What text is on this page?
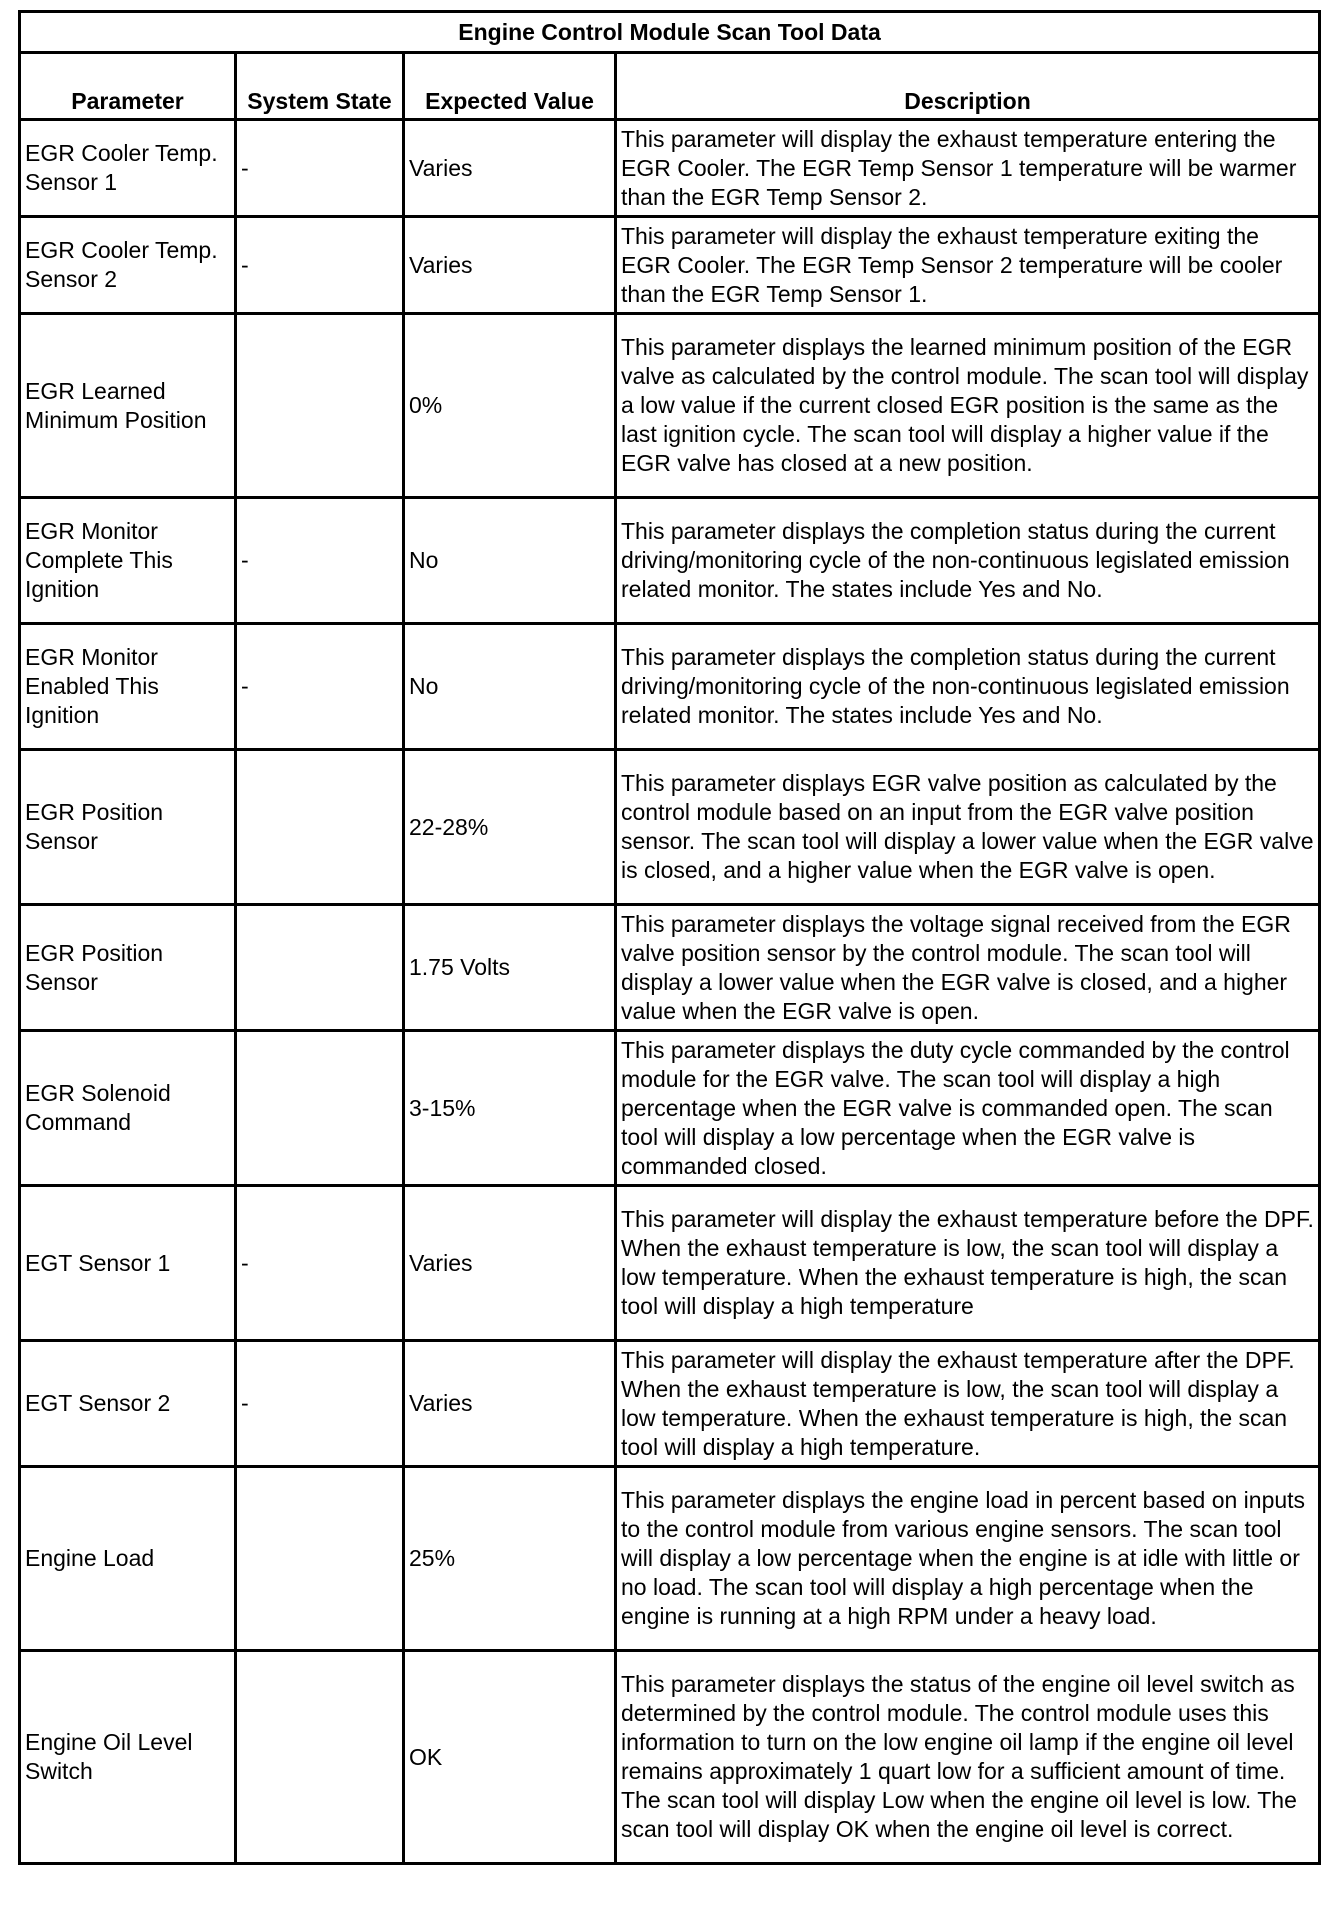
Engine Control Module Scan Tool Data			
Parameter	System State	Expected Value	Description
EGR Cooler Temp. Sensor 1	-	Varies	This parameter will display the exhaust temperature entering the EGR Cooler. The EGR Temp Sensor 1 temperature will be warmer than the EGR Temp Sensor 2.
EGR Cooler Temp. Sensor 2	-	Varies	This parameter will display the exhaust temperature exiting the EGR Cooler. The EGR Temp Sensor 2 temperature will be cooler than the EGR Temp Sensor 1.
EGR Learned Minimum Position		0%	This parameter displays the learned minimum position of the EGR valve as calculated by the control module. The scan tool will display a low value if the current closed EGR position is the same as the last ignition cycle. The scan tool will display a higher value if the EGR valve has closed at a new position.
EGR Monitor Complete This Ignition	-	No	This parameter displays the completion status during the current driving/monitoring cycle of the non-continuous legislated emission related monitor. The states include Yes and No.
EGR Monitor Enabled This Ignition	-	No	This parameter displays the completion status during the current driving/monitoring cycle of the non-continuous legislated emission related monitor. The states include Yes and No.
EGR Position Sensor		22-28%	This parameter displays EGR valve position as calculated by the control module based on an input from the EGR valve position sensor. The scan tool will display a lower value when the EGR valve is closed, and a higher value when the EGR valve is open.
EGR Position Sensor		1.75 Volts	This parameter displays the voltage signal received from the EGR valve position sensor by the control module. The scan tool will display a lower value when the EGR valve is closed, and a higher value when the EGR valve is open.
EGR Solenoid Command		3-15%	This parameter displays the duty cycle commanded by the control module for the EGR valve. The scan tool will display a high percentage when the EGR valve is commanded open. The scan tool will display a low percentage when the EGR valve is commanded closed.
EGT Sensor 1	-	Varies	This parameter will display the exhaust temperature before the DPF. When the exhaust temperature is low, the scan tool will display a low temperature. When the exhaust temperature is high, the scan tool will display a high temperature
EGT Sensor 2	-	Varies	This parameter will display the exhaust temperature after the DPF. When the exhaust temperature is low, the scan tool will display a low temperature. When the exhaust temperature is high, the scan tool will display a high temperature.
Engine Load		25%	This parameter displays the engine load in percent based on inputs to the control module from various engine sensors. The scan tool will display a low percentage when the engine is at idle with little or no load. The scan tool will display a high percentage when the engine is running at a high RPM under a heavy load.
Engine Oil Level Switch		OK	This parameter displays the status of the engine oil level switch as determined by the control module. The control module uses this information to turn on the low engine oil lamp if the engine oil level remains approximately 1 quart low for a sufficient amount of time. The scan tool will display Low when the engine oil level is low. The scan tool will display OK when the engine oil level is correct.
